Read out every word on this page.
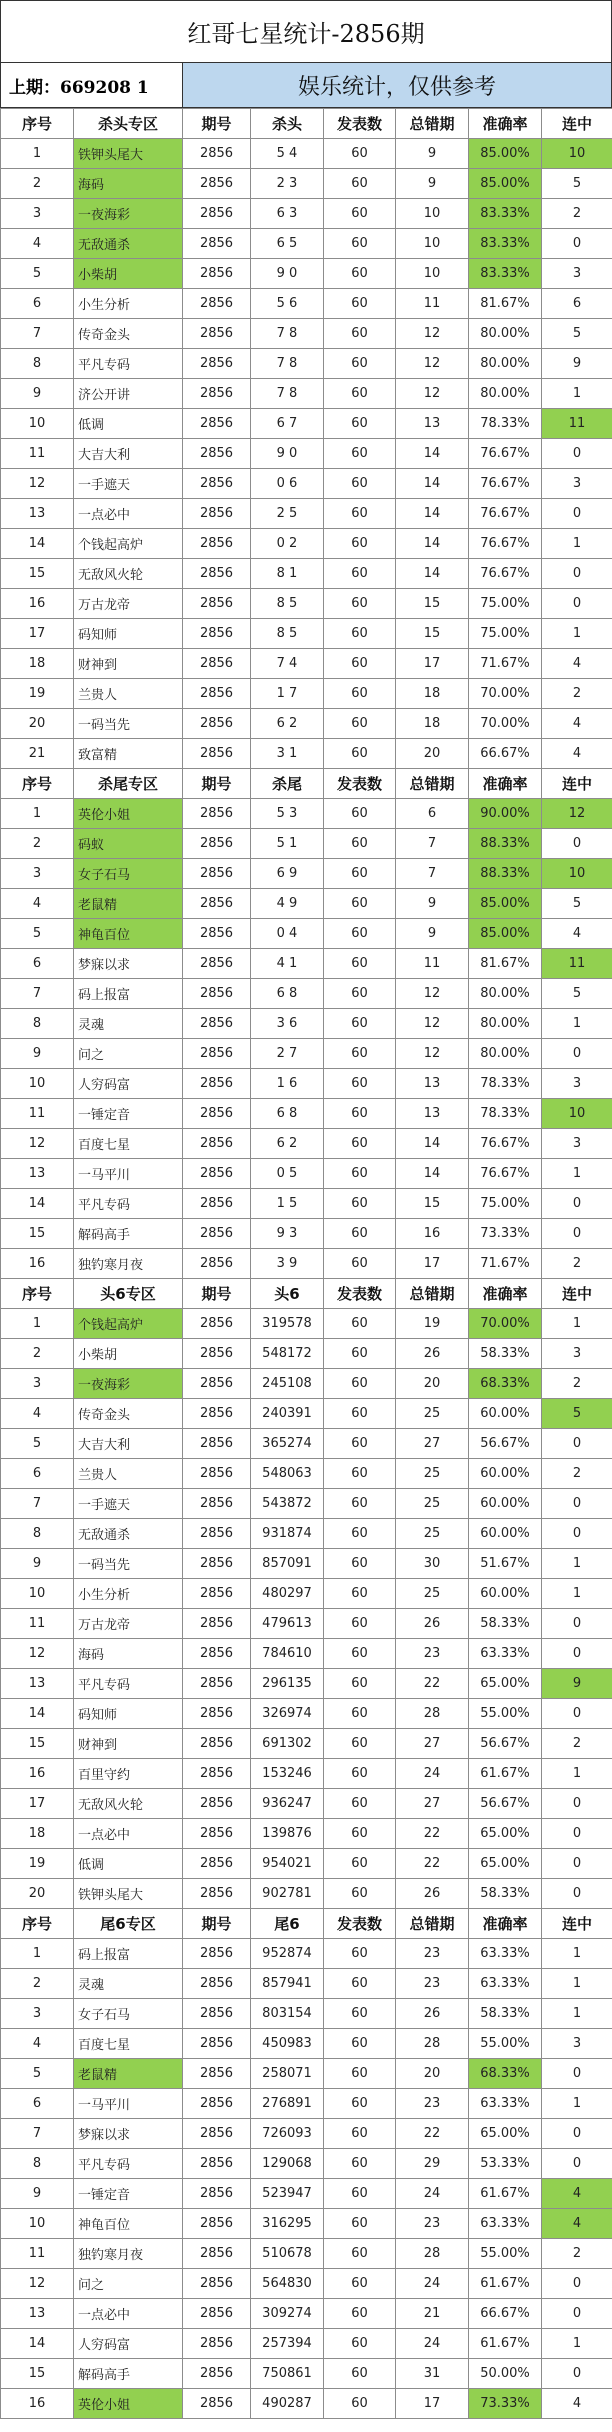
红哥七星统计-2856期
上期：669208 1	娱乐统计，仅供参考
序号	杀头专区	期号	杀头	发表数	总错期	准确率	连中
1	铁钾头尾大	2856	5 4	60	9	85.00%	10
2	海码	2856	2 3	60	9	85.00%	5
3	一夜海彩	2856	6 3	60	10	83.33%	2
4	无敌通杀	2856	6 5	60	10	83.33%	0
5	小柴胡	2856	9 0	60	10	83.33%	3
6	小生分析	2856	5 6	60	11	81.67%	6
7	传奇金头	2856	7 8	60	12	80.00%	5
8	平凡专码	2856	7 8	60	12	80.00%	9
9	济公开讲	2856	7 8	60	12	80.00%	1
10	低调	2856	6 7	60	13	78.33%	11
11	大吉大利	2856	9 0	60	14	76.67%	0
12	一手遮天	2856	0 6	60	14	76.67%	3
13	一点必中	2856	2 5	60	14	76.67%	0
14	个钱起高炉	2856	0 2	60	14	76.67%	1
15	无敌风火轮	2856	8 1	60	14	76.67%	0
16	万古龙帝	2856	8 5	60	15	75.00%	0
17	码知师	2856	8 5	60	15	75.00%	1
18	财神到	2856	7 4	60	17	71.67%	4
19	兰贵人	2856	1 7	60	18	70.00%	2
20	一码当先	2856	6 2	60	18	70.00%	4
21	致富精	2856	3 1	60	20	66.67%	4
序号	杀尾专区	期号	杀尾	发表数	总错期	准确率	连中
1	英伦小姐	2856	5 3	60	6	90.00%	12
2	码蚁	2856	5 1	60	7	88.33%	0
3	女子石马	2856	6 9	60	7	88.33%	10
4	老鼠精	2856	4 9	60	9	85.00%	5
5	神龟百位	2856	0 4	60	9	85.00%	4
6	梦寐以求	2856	4 1	60	11	81.67%	11
7	码上报富	2856	6 8	60	12	80.00%	5
8	灵魂	2856	3 6	60	12	80.00%	1
9	问之	2856	2 7	60	12	80.00%	0
10	人穷码富	2856	1 6	60	13	78.33%	3
11	一锤定音	2856	6 8	60	13	78.33%	10
12	百度七星	2856	6 2	60	14	76.67%	3
13	一马平川	2856	0 5	60	14	76.67%	1
14	平凡专码	2856	1 5	60	15	75.00%	0
15	解码高手	2856	9 3	60	16	73.33%	0
16	独钓寒月夜	2856	3 9	60	17	71.67%	2
序号	头6专区	期号	头6	发表数	总错期	准确率	连中
1	个钱起高炉	2856	319578	60	19	70.00%	1
2	小柴胡	2856	548172	60	26	58.33%	3
3	一夜海彩	2856	245108	60	20	68.33%	2
4	传奇金头	2856	240391	60	25	60.00%	5
5	大吉大利	2856	365274	60	27	56.67%	0
6	兰贵人	2856	548063	60	25	60.00%	2
7	一手遮天	2856	543872	60	25	60.00%	0
8	无敌通杀	2856	931874	60	25	60.00%	0
9	一码当先	2856	857091	60	30	51.67%	1
10	小生分析	2856	480297	60	25	60.00%	1
11	万古龙帝	2856	479613	60	26	58.33%	0
12	海码	2856	784610	60	23	63.33%	0
13	平凡专码	2856	296135	60	22	65.00%	9
14	码知师	2856	326974	60	28	55.00%	0
15	财神到	2856	691302	60	27	56.67%	2
16	百里守约	2856	153246	60	24	61.67%	1
17	无敌风火轮	2856	936247	60	27	56.67%	0
18	一点必中	2856	139876	60	22	65.00%	0
19	低调	2856	954021	60	22	65.00%	0
20	铁钾头尾大	2856	902781	60	26	58.33%	0
序号	尾6专区	期号	尾6	发表数	总错期	准确率	连中
1	码上报富	2856	952874	60	23	63.33%	1
2	灵魂	2856	857941	60	23	63.33%	1
3	女子石马	2856	803154	60	26	58.33%	1
4	百度七星	2856	450983	60	28	55.00%	3
5	老鼠精	2856	258071	60	20	68.33%	0
6	一马平川	2856	276891	60	23	63.33%	1
7	梦寐以求	2856	726093	60	22	65.00%	0
8	平凡专码	2856	129068	60	29	53.33%	0
9	一锤定音	2856	523947	60	24	61.67%	4
10	神龟百位	2856	316295	60	23	63.33%	4
11	独钓寒月夜	2856	510678	60	28	55.00%	2
12	问之	2856	564830	60	24	61.67%	0
13	一点必中	2856	309274	60	21	66.67%	0
14	人穷码富	2856	257394	60	24	61.67%	1
15	解码高手	2856	750861	60	31	50.00%	0
16	英伦小姐	2856	490287	60	17	73.33%	4
